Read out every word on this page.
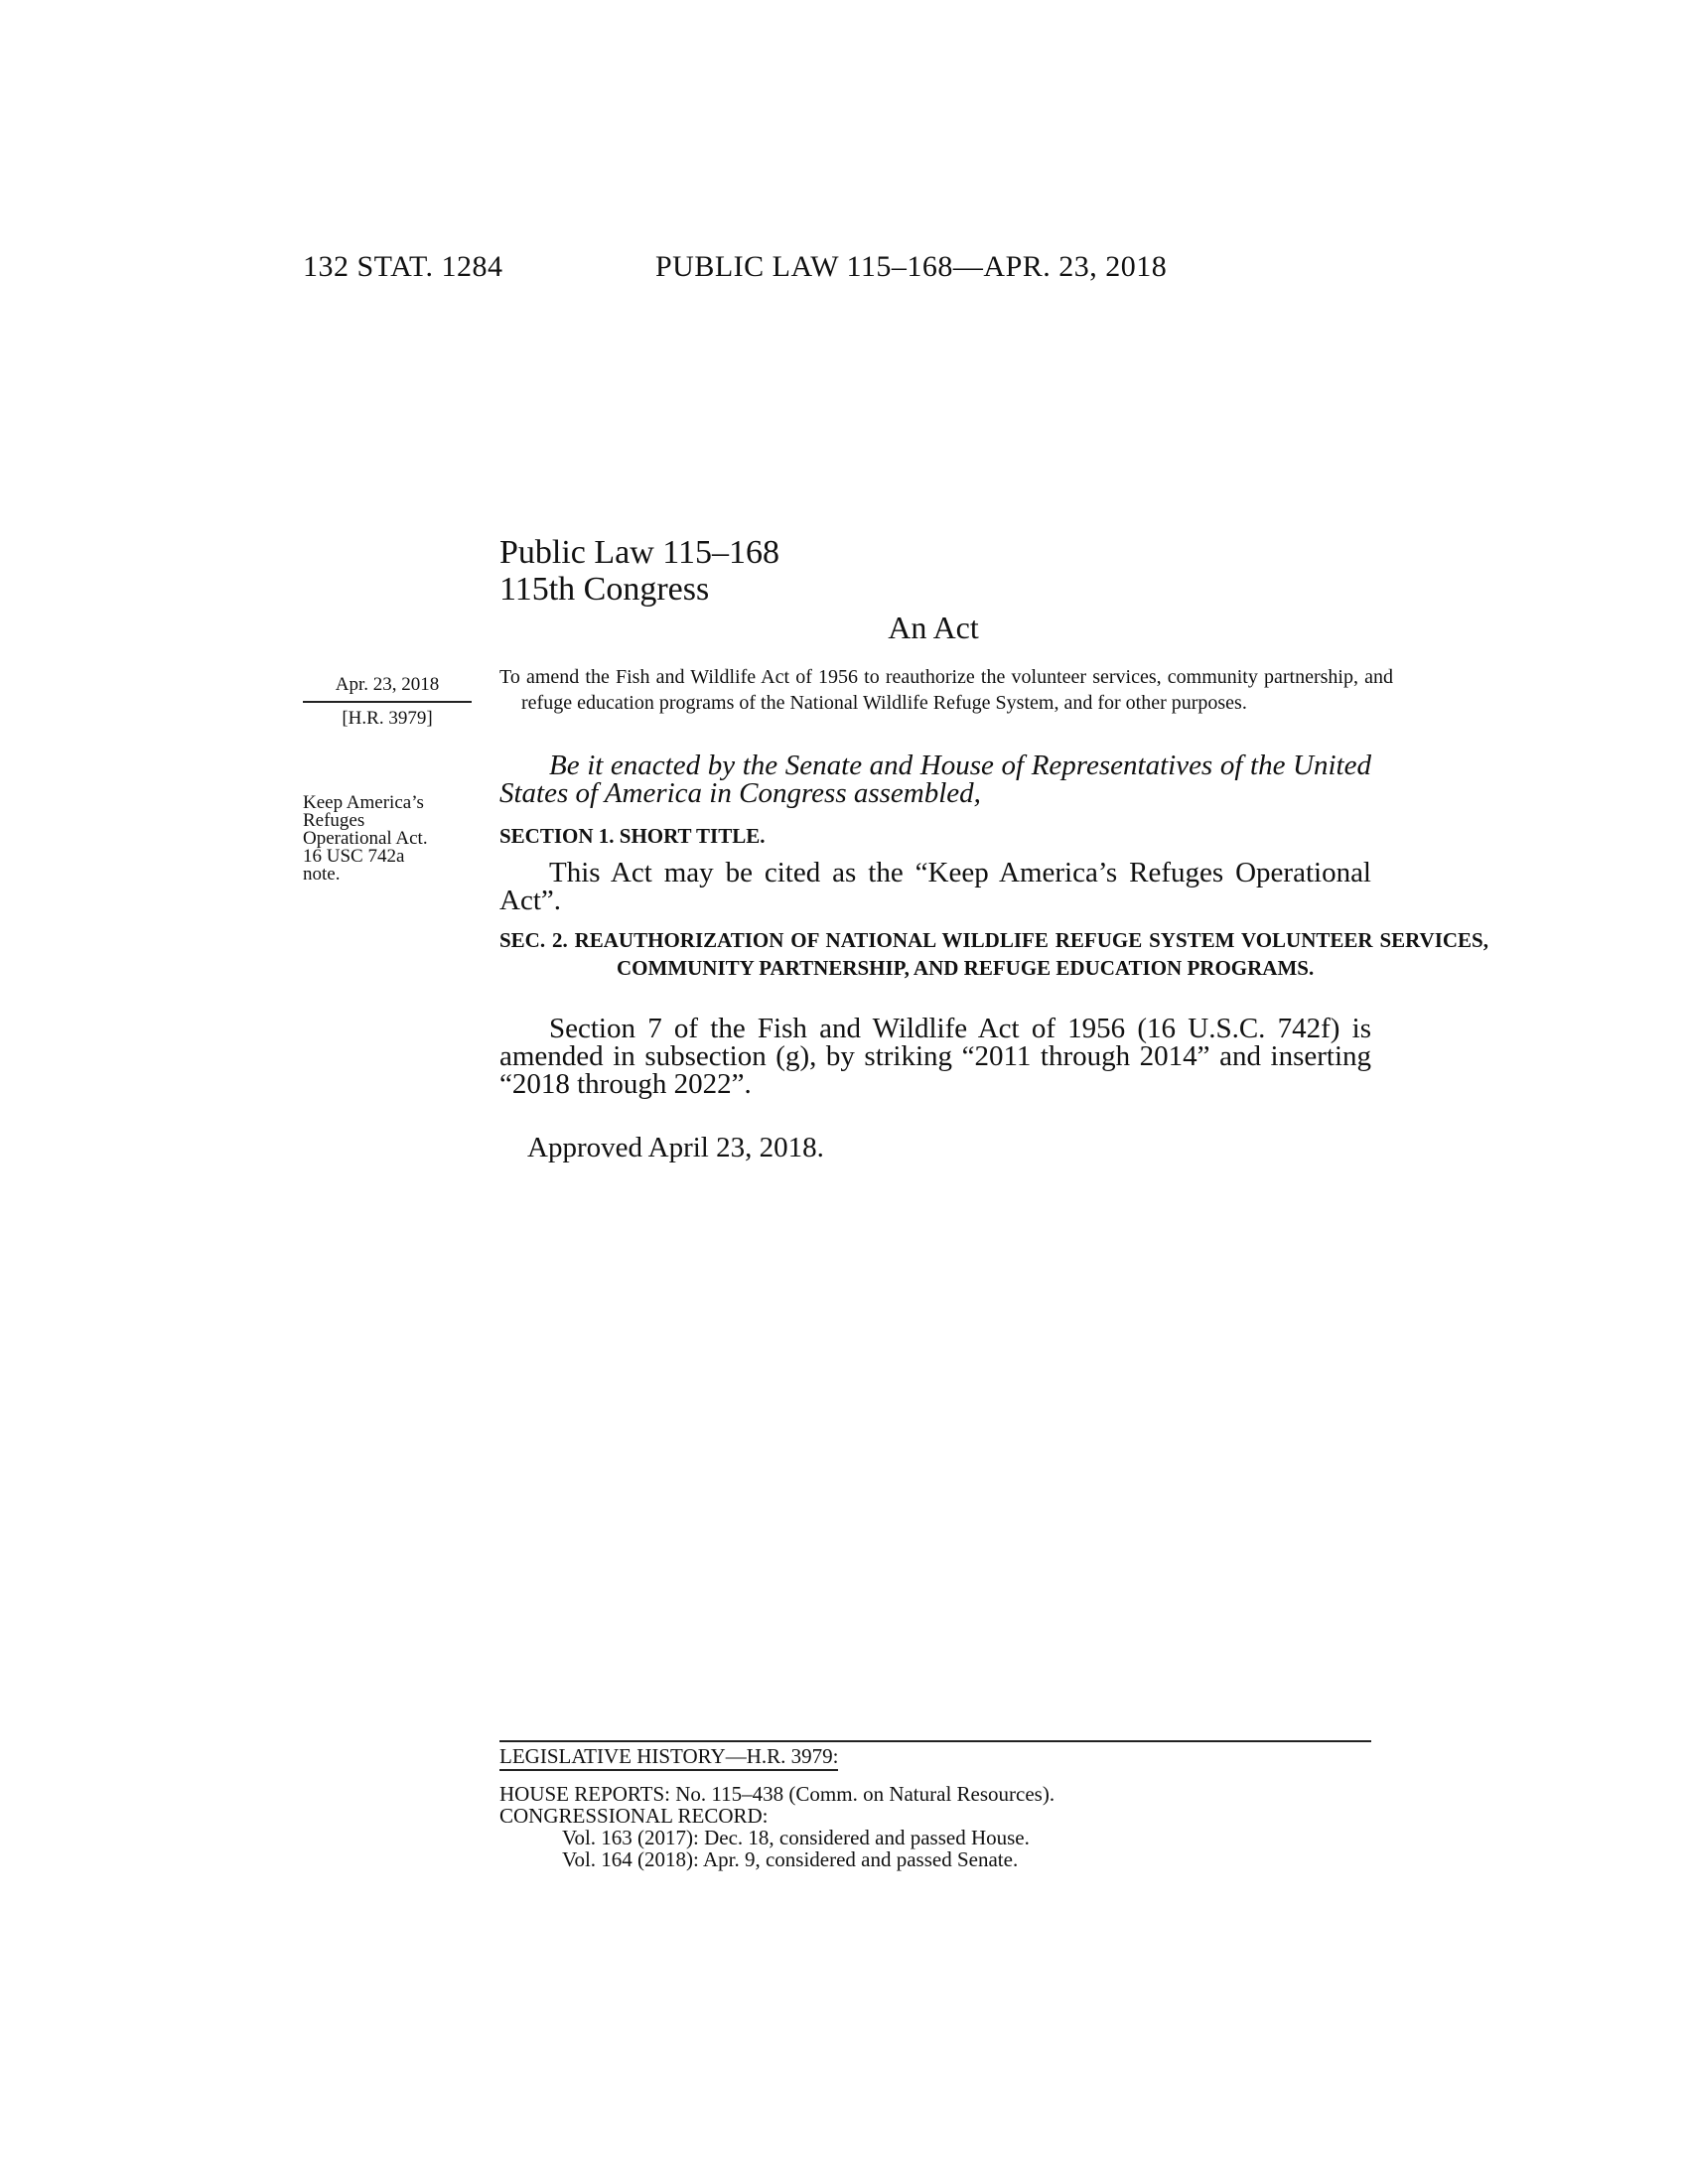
132 STAT. 1284	PUBLIC LAW 115–168—APR. 23, 2018
Public Law 115–168
115th Congress
An Act
Apr. 23, 2018
[H.R. 3979]
Keep America’s
Refuges
Operational Act.
16 USC 742a
note.
To amend the Fish and Wildlife Act of 1956 to reauthorize the volunteer services, community partnership, and refuge education programs of the National Wildlife Refuge System, and for other purposes.
Be it enacted by the Senate and House of Representatives of the United States of America in Congress assembled,
SECTION 1. SHORT TITLE.
This Act may be cited as the “Keep America’s Refuges Operational Act”.
SEC. 2. REAUTHORIZATION OF NATIONAL WILDLIFE REFUGE SYSTEM VOLUNTEER SERVICES, COMMUNITY PARTNERSHIP, AND REFUGE EDUCATION PROGRAMS.
Section 7 of the Fish and Wildlife Act of 1956 (16 U.S.C. 742f) is amended in subsection (g), by striking “2011 through 2014” and inserting “2018 through 2022”.
Approved April 23, 2018.
LEGISLATIVE HISTORY—H.R. 3979:
HOUSE REPORTS: No. 115–438 (Comm. on Natural Resources).
CONGRESSIONAL RECORD:
Vol. 163 (2017): Dec. 18, considered and passed House.
Vol. 164 (2018): Apr. 9, considered and passed Senate.
